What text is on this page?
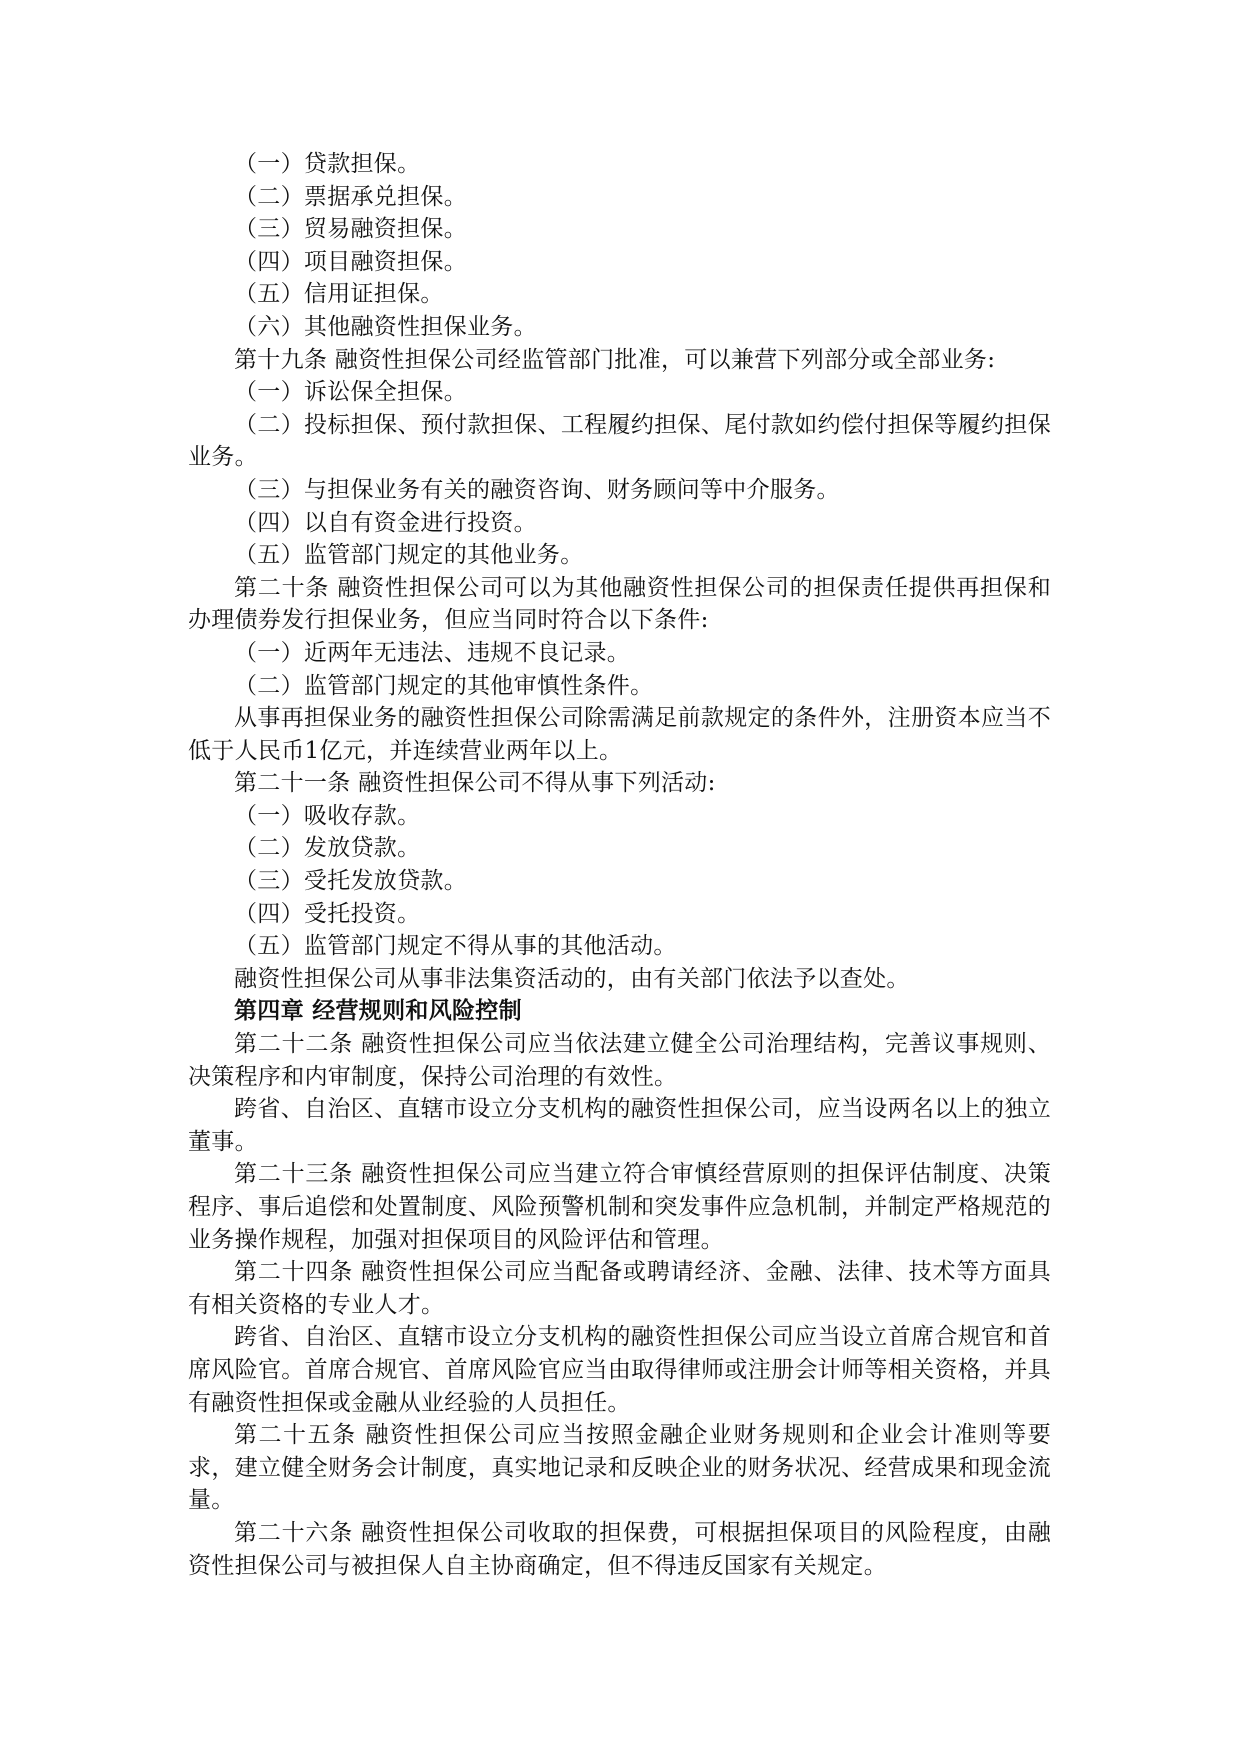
（一）贷款担保。

（二）票据承兑担保。

（三）贸易融资担保。

（四）项目融资担保。

（五）信用证担保。

（六）其他融资性担保业务。

第十九条 融资性担保公司经监管部门批准，可以兼营下列部分或全部业务:

（一）诉讼保全担保。

（二）投标担保、预付款担保、工程履约担保、尾付款如约偿付担保等履约担保业务。

（三）与担保业务有关的融资咨询、财务顾问等中介服务。

（四）以自有资金进行投资。

（五）监管部门规定的其他业务。

第二十条 融资性担保公司可以为其他融资性担保公司的担保责任提供再担保和办理债券发行担保业务，但应当同时符合以下条件:

（一）近两年无违法、违规不良记录。

（二）监管部门规定的其他审慎性条件。

从事再担保业务的融资性担保公司除需满足前款规定的条件外，注册资本应当不低于人民币1亿元，并连续营业两年以上。

第二十一条 融资性担保公司不得从事下列活动:

（一）吸收存款。

（二）发放贷款。

（三）受托发放贷款。

（四）受托投资。

（五）监管部门规定不得从事的其他活动。

融资性担保公司从事非法集资活动的，由有关部门依法予以查处。

第四章 经营规则和风险控制

第二十二条 融资性担保公司应当依法建立健全公司治理结构，完善议事规则、决策程序和内审制度，保持公司治理的有效性。

跨省、自治区、直辖市设立分支机构的融资性担保公司，应当设两名以上的独立董事。

第二十三条 融资性担保公司应当建立符合审慎经营原则的担保评估制度、决策程序、事后追偿和处置制度、风险预警机制和突发事件应急机制，并制定严格规范的业务操作规程，加强对担保项目的风险评估和管理。

第二十四条 融资性担保公司应当配备或聘请经济、金融、法律、技术等方面具有相关资格的专业人才。

跨省、自治区、直辖市设立分支机构的融资性担保公司应当设立首席合规官和首席风险官。首席合规官、首席风险官应当由取得律师或注册会计师等相关资格，并具有融资性担保或金融从业经验的人员担任。

第二十五条 融资性担保公司应当按照金融企业财务规则和企业会计准则等要求，建立健全财务会计制度，真实地记录和反映企业的财务状况、经营成果和现金流量。

第二十六条 融资性担保公司收取的担保费，可根据担保项目的风险程度，由融资性担保公司与被担保人自主协商确定，但不得违反国家有关规定。
